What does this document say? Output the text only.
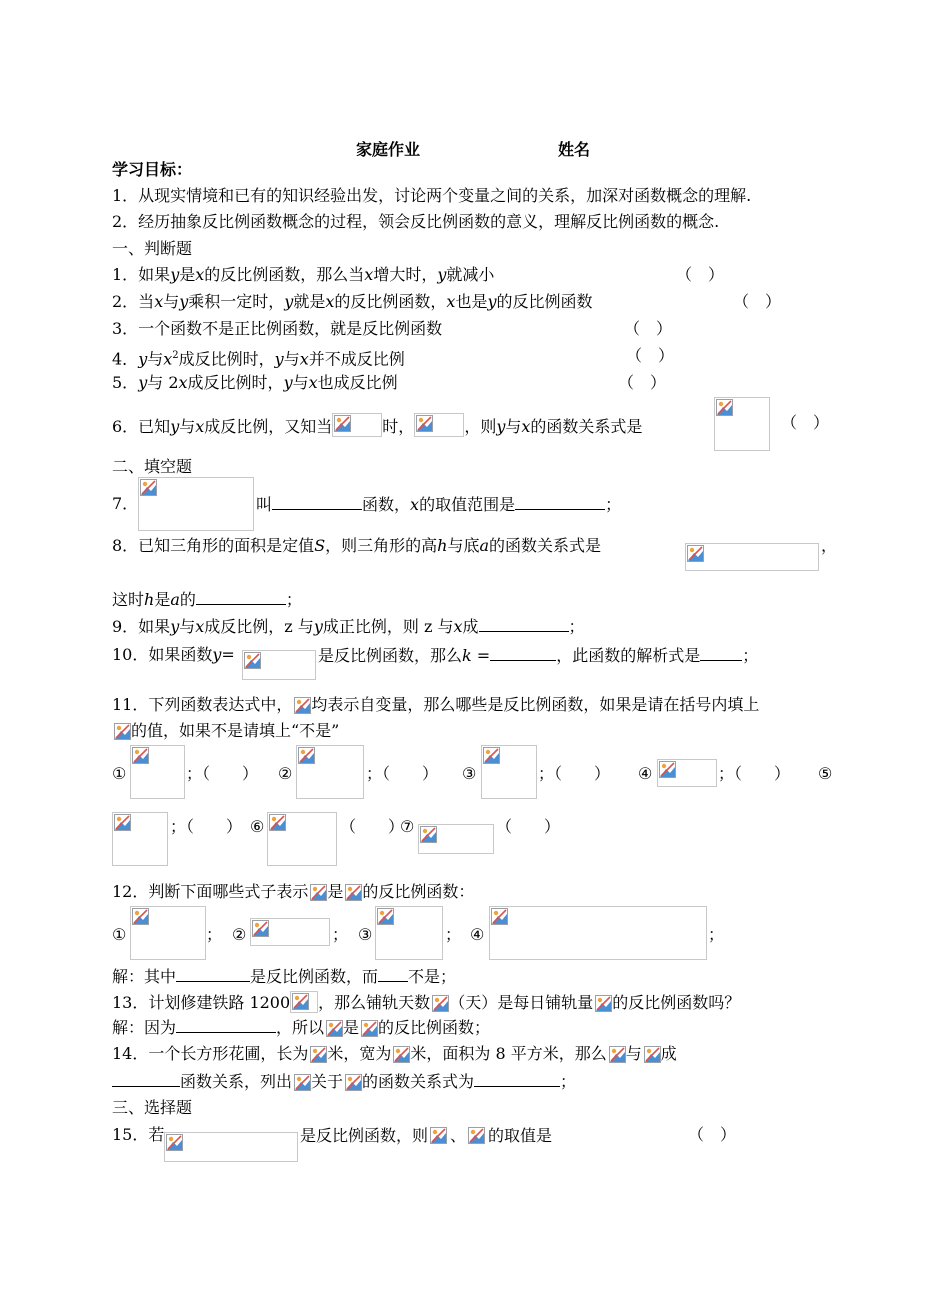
家庭作业	姓名
学习目标：
1．从现实情境和已有的知识经验出发，讨论两个变量之间的关系，加深对函数概念的理解.
2．经历抽象反比例函数概念的过程，领会反比例函数的意义，理解反比例函数的概念.
一、判断题
1．如果y是x的反比例函数，那么当x增大时，y就减小	（　）
2．当x与y乘积一定时，y就是x的反比例函数，x也是y的反比例函数	（　）
3．一个函数不是正比例函数，就是反比例函数	（　）
4．y与$x^2$成反比例时，y与x并不成反比例	（　）
5．y与 2x成反比例时，y与x也成反比例	（　）
6．已知y与x成反比例，又知当	时，	，则y与x的函数关系式是	（　）
二、填空题
7．	叫	函数，x的取值范围是	；
8．已知三角形的面积是定值S，则三角形的高h与底a的函数关系式是	，
这时h是a的	；
9．如果y与x成反比例，z 与y成正比例，则 z 与x成	；
10．如果函数y=	是反比例函数，那么k =	，此函数的解析式是	；
11．下列函数表达式中， 均表示自变量，那么哪些是反比例函数，如果是请在括号内填上
的值，如果不是请填上“不是”
①	；（　　） ②	；（　　） ③	；（　　） ④	；（　　） ⑤
；（　　） ⑥	（　　）
⑦	（　　）
12．判断下面哪些式子表示 是 的反比例函数：
①	； ②	； ③	； ④	；
解：其中	是反比例函数，而 不是；
13．计划修建铁路 1200 ，那么铺轨天数 （天）是每日铺轨量 的反比例函数吗？
解：因为	，所以 是 的反比例函数；
14．一个长方形花圃，长为 米，宽为 米，面积为 8 平方米，那么 与 成
函数关系，列出 关于 的函数关系式为	；
三、选择题
15．若	是反比例函数，则 、 的取值是	（　）
